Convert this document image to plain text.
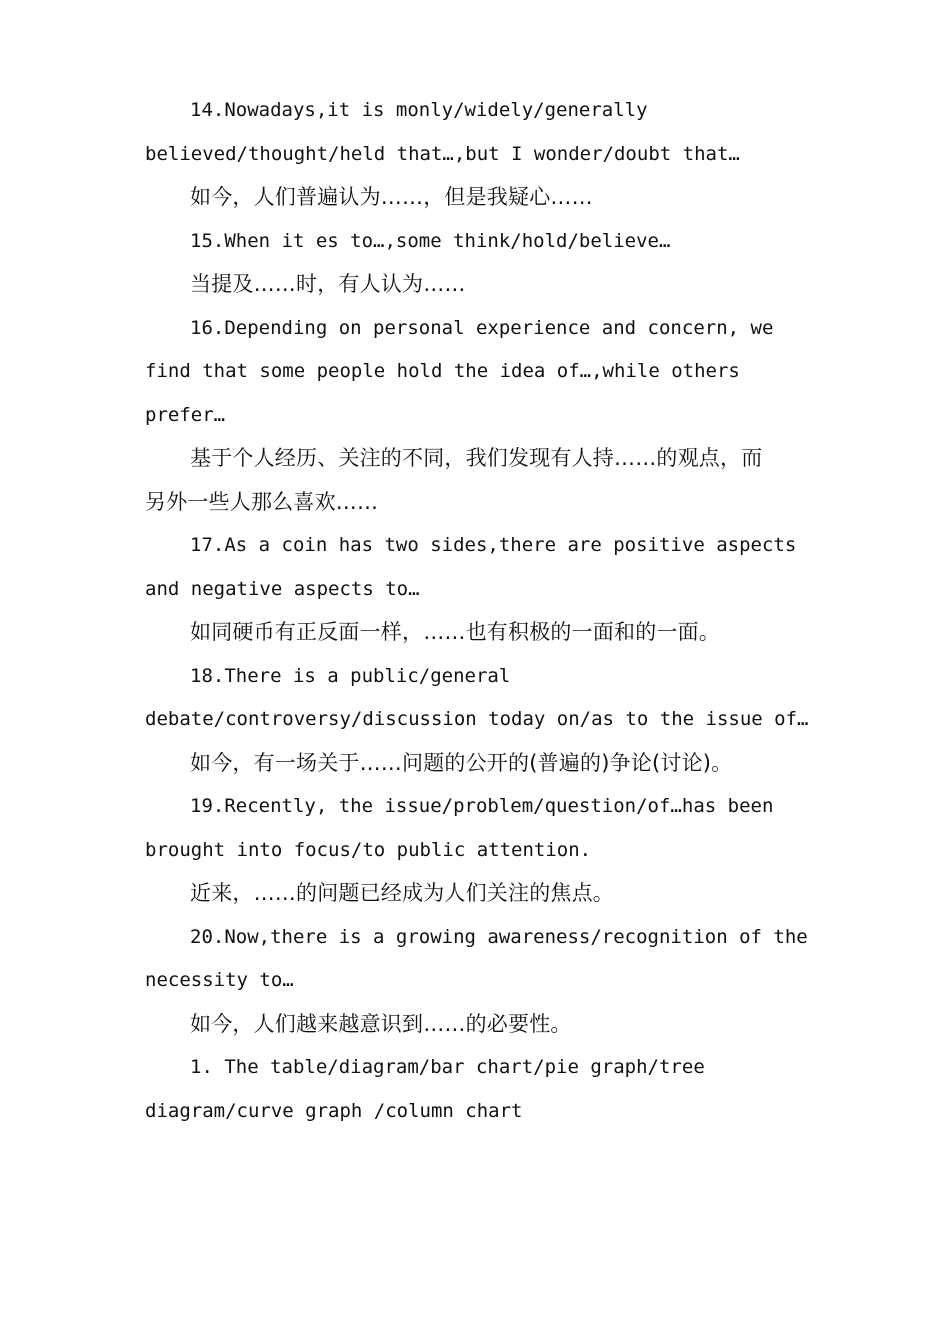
14.Nowadays,it is monly/widely/generally
believed/thought/held that…,but I wonder/doubt that…
如今，人们普遍认为……，但是我疑心……
15.When it es to…,some think/hold/believe…
当提及……时，有人认为……
16.Depending on personal experience and concern, we
find that some people hold the idea of…,while others
prefer…
基于个人经历、关注的不同，我们发现有人持……的观点，而
另外一些人那么喜欢……
17.As a coin has two sides,there are positive aspects
and negative aspects to…
如同硬币有正反面一样，……也有积极的一面和的一面。
18.There is a public/general
debate/controversy/discussion today on/as to the issue of…
如今，有一场关于……问题的公开的(普遍的)争论(讨论)。
19.Recently, the issue/problem/question/of…has been
brought into focus/to public attention.
近来，……的问题已经成为人们关注的焦点。
20.Now,there is a growing awareness/recognition of the
necessity to…
如今，人们越来越意识到……的必要性。
1. The table/diagram/bar chart/pie graph/tree
diagram/curve graph /column chart
